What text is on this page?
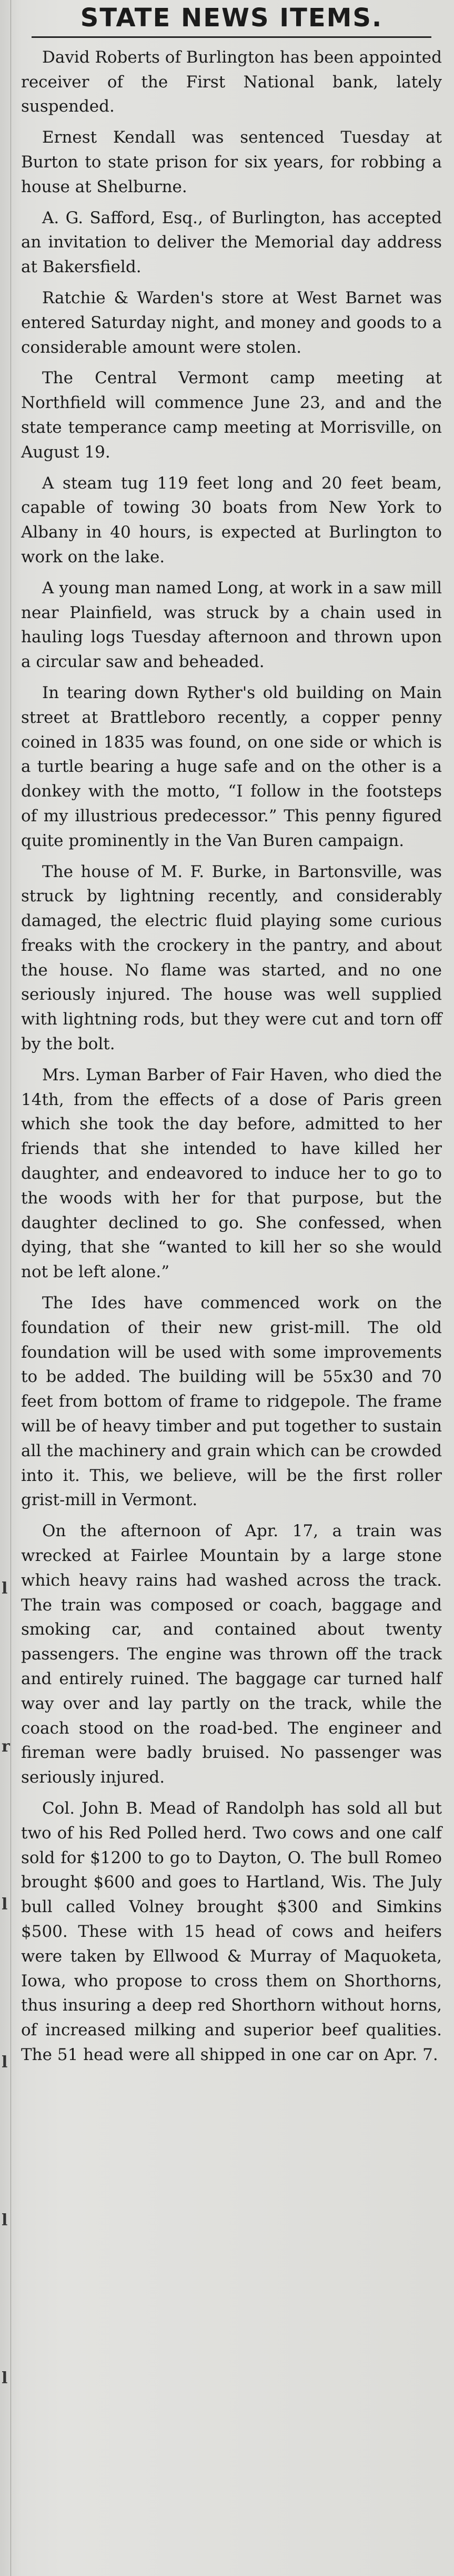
l
r
l
l
l
l
STATE NEWS ITEMS.

David Roberts of Burlington has been appointed receiver of the First National bank, lately suspended.

Ernest Kendall was sentenced Tuesday at Burton to state prison for six years, for robbing a house at Shelburne.

A. G. Safford, Esq., of Burlington, has accepted an invitation to deliver the Memorial day address at Bakersfield.

Ratchie & Warden's store at West Barnet was entered Saturday night, and money and goods to a considerable amount were stolen.

The Central Vermont camp meeting at Northfield will commence June 23, and and the state temperance camp meeting at Morrisville, on August 19.

A steam tug 119 feet long and 20 feet beam, capable of towing 30 boats from New York to Albany in 40 hours, is expected at Burlington to work on the lake.

A young man named Long, at work in a saw mill near Plainfield, was struck by a chain used in hauling logs Tuesday afternoon and thrown upon a circular saw and beheaded.

In tearing down Ryther's old building on Main street at Brattleboro recently, a copper penny coined in 1835 was found, on one side or which is a turtle bearing a huge safe and on the other is a donkey with the motto, “I follow in the footsteps of my illustrious predecessor.” This penny figured quite prominently in the Van Buren campaign.

The house of M. F. Burke, in Bartonsville, was struck by lightning recently, and considerably damaged, the electric fluid playing some curious freaks with the crockery in the pantry, and about the house. No flame was started, and no one seriously injured. The house was well supplied with lightning rods, but they were cut and torn off by the bolt.

Mrs. Lyman Barber of Fair Haven, who died the 14th, from the effects of a dose of Paris green which she took the day before, admitted to her friends that she intended to have killed her daughter, and endeavored to induce her to go to the woods with her for that purpose, but the daughter declined to go. She confessed, when dying, that she “wanted to kill her so she would not be left alone.”

The Ides have commenced work on the foundation of their new grist-mill. The old foundation will be used with some improvements to be added. The building will be 55x30 and 70 feet from bottom of frame to ridgepole. The frame will be of heavy timber and put together to sustain all the machinery and grain which can be crowded into it. This, we believe, will be the first roller grist-mill in Vermont.

On the afternoon of Apr. 17, a train was wrecked at Fairlee Mountain by a large stone which heavy rains had washed across the track. The train was composed or coach, baggage and smoking car, and contained about twenty passengers. The engine was thrown off the track and entirely ruined. The baggage car turned half way over and lay partly on the track, while the coach stood on the road-bed. The engineer and fireman were badly bruised. No passenger was seriously injured.

Col. John B. Mead of Randolph has sold all but two of his Red Polled herd. Two cows and one calf sold for $1200 to go to Dayton, O. The bull Romeo brought $600 and goes to Hartland, Wis. The July bull called Volney brought $300 and Simkins $500. These with 15 head of cows and heifers were taken by Ellwood & Murray of Maquoketa, Iowa, who propose to cross them on Shorthorns, thus insuring a deep red Shorthorn without horns, of increased milking and superior beef qualities. The 51 head were all shipped in one car on Apr. 7.
